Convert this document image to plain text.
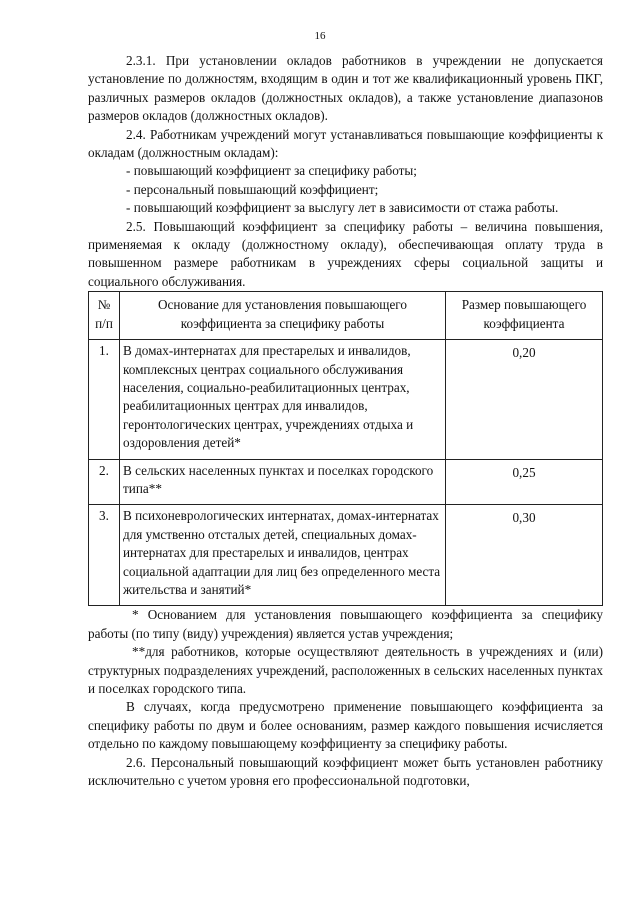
16

2.3.1. При установлении окладов работников в учреждении не допускается установление по должностям, входящим в один и тот же квалификационный уровень ПКГ, различных размеров окладов (должностных окладов), а также установление диапазонов размеров окладов (должностных окладов).

2.4. Работникам учреждений могут устанавливаться повышающие коэффициенты к окладам (должностным окладам):

- повышающий коэффициент за специфику работы;

- персональный повышающий коэффициент;

- повышающий коэффициент за выслугу лет в зависимости от стажа работы.

2.5. Повышающий коэффициент за специфику работы – величина повышения, применяемая к окладу (должностному окладу), обеспечивающая оплату труда в повышенном размере работникам в учреждениях сферы социальной защиты и социального обслуживания.

№ п/п	Основание для установления повышающего коэффициента за специфику работы	Размер повышающего коэффициента
1.	В домах-интернатах для престарелых и инвалидов, комплексных центрах социального обслуживания населения, социально-реабилитационных центрах, реабилитационных центрах для инвалидов, геронтологических центрах, учреждениях отдыха и оздоровления детей*	0,20
2.	В сельских населенных пунктах и поселках городского типа**	0,25
3.	В психоневрологических интернатах, домах-интернатах для умственно отсталых детей, специальных домах-интернатах для престарелых и инвалидов, центрах социальной адаптации для лиц без определенного места жительства и занятий*	0,30

* Основанием для установления повышающего коэффициента за специфику работы (по типу (виду) учреждения) является устав учреждения;

**для работников, которые осуществляют деятельность в учреждениях и (или) структурных подразделениях учреждений, расположенных в сельских населенных пунктах и поселках городского типа.

В случаях, когда предусмотрено применение повышающего коэффициента за специфику работы по двум и более основаниям, размер каждого повышения исчисляется отдельно по каждому повышающему коэффициенту за специфику работы.

2.6. Персональный повышающий коэффициент может быть установлен работнику исключительно с учетом уровня его профессиональной подготовки,
